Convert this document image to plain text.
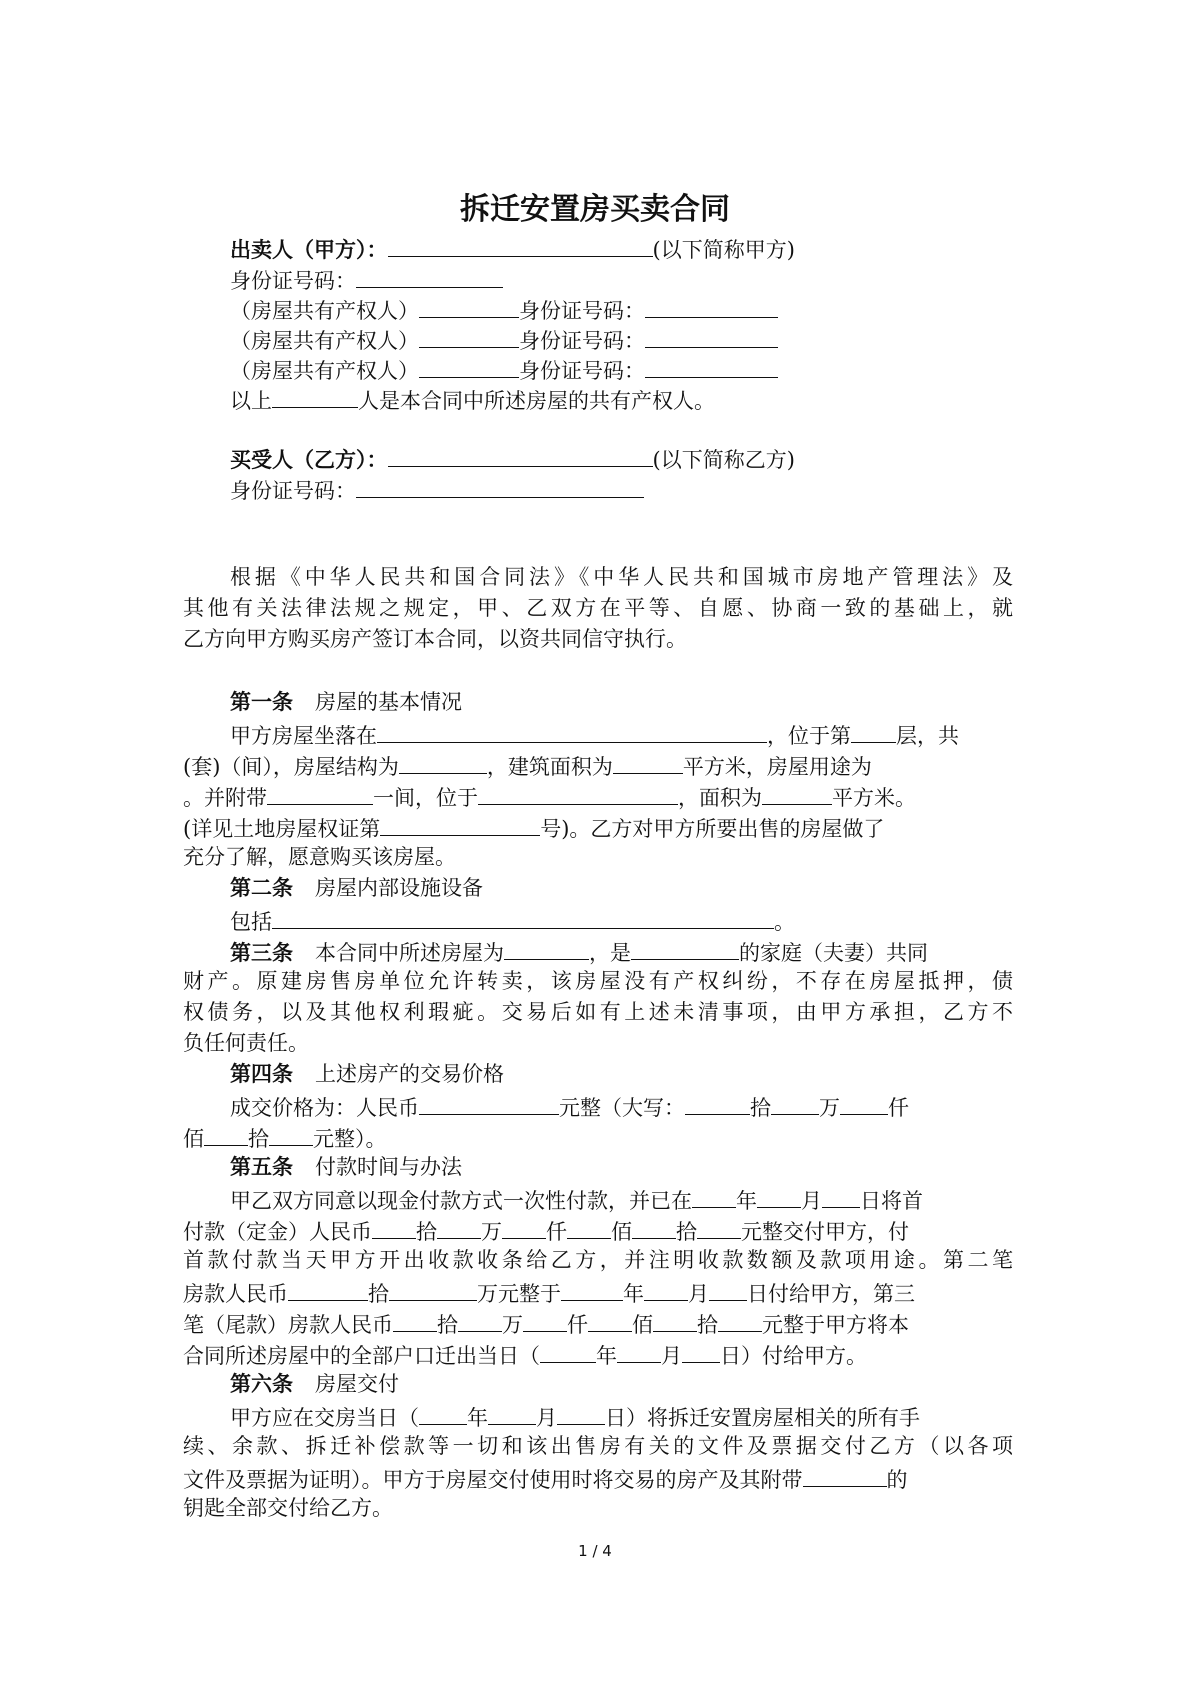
拆迁安置房买卖合同
出卖人（甲方）：	(以下简称甲方)
身份证号码：
（房屋共有产权人）	身份证号码：
（房屋共有产权人）	身份证号码：
（房屋共有产权人）	身份证号码：
以上	人是本合同中所述房屋的共有产权人。
买受人（乙方）：	(以下简称乙方)
身份证号码：
根据《中华人民共和国合同法》《中华人民共和国城市房地产管理法》及
其他有关法律法规之规定，甲、乙双方在平等、自愿、协商一致的基础上，就
乙方向甲方购买房产签订本合同，以资共同信守执行。
第一条 房屋的基本情况
甲方房屋坐落在	，位于第 层，共
(套)（间），房屋结构为	，建筑面积为	平方米，房屋用途为
。并附带	一间，位于	，面积为	平方米。
(详见土地房屋权证第	号)。乙方对甲方所要出售的房屋做了
充分了解，愿意购买该房屋。
第二条 房屋内部设施设备
包括	。
第三条 本合同中所述房屋为	，是	的家庭（夫妻）共同
财产。原建房售房单位允许转卖，该房屋没有产权纠纷，不存在房屋抵押，债
权债务，以及其他权利瑕疵。交易后如有上述未清事项，由甲方承担，乙方不
负任何责任。
第四条 上述房产的交易价格
成交价格为：人民币	元整（大写：	拾 万 仟
佰 拾 元整）。
第五条 付款时间与办法
甲乙双方同意以现金付款方式一次性付款，并已在 年 月 日将首
付款（定金）人民币 拾 万 仟 佰 拾 元整交付甲方，付
首款付款当天甲方开出收款收条给乙方，并注明收款数额及款项用途。第二笔
房款人民币	拾	万元整于	年 月 日付给甲方，第三
笔（尾款）房款人民币 拾 万 仟 佰 拾 元整于甲方将本
合同所述房屋中的全部户口迁出当日（	年 月 日）付给甲方。
第六条 房屋交付
甲方应在交房当日（ 年 月 日）将拆迁安置房屋相关的所有手
续、余款、拆迁补偿款等一切和该出售房有关的文件及票据交付乙方（以各项
文件及票据为证明）。甲方于房屋交付使用时将交易的房产及其附带	的
钥匙全部交付给乙方。
1 / 4
